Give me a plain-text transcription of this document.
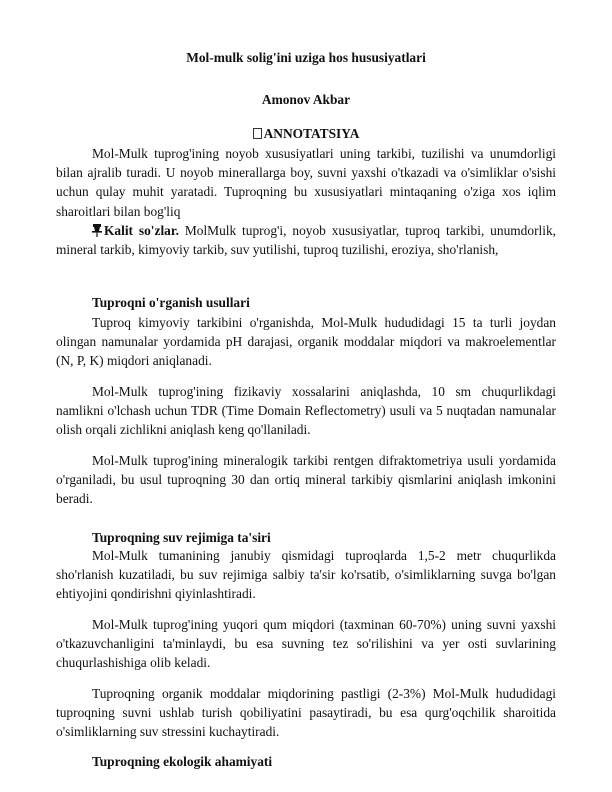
Mol-mulk solig'ini uziga hos hususiyatlari
Amonov Akbar
ANNOTATSIYA
Mol-Mulk tuprog'ining noyob xususiyatlari uning tarkibi, tuzilishi va unumdorligi bilan ajralib turadi. U noyob minerallarga boy, suvni yaxshi o'tkazadi va o'simliklar o'sishi uchun qulay muhit yaratadi. Tuproqning bu xususiyatlari mintaqaning o'ziga xos iqlim sharoitlari bilan bog'liq
Kalit so'zlar. MolMulk tuprog'i, noyob xususiyatlar, tuproq tarkibi, unumdorlik, mineral tarkib, kimyoviy tarkib, suv yutilishi, tuproq tuzilishi, eroziya, sho'rlanish,
Tuproqni o'rganish usullari
Tuproq kimyoviy tarkibini o'rganishda, Mol-Mulk hududidagi 15 ta turli joydan olingan namunalar yordamida pH darajasi, organik moddalar miqdori va makroelementlar (N, P, K) miqdori aniqlanadi.
Mol-Mulk tuprog'ining fizikaviy xossalarini aniqlashda, 10 sm chuqurlikdagi namlikni o'lchash uchun TDR (Time Domain Reflectometry) usuli va 5 nuqtadan namunalar olish orqali zichlikni aniqlash keng qo'llaniladi.
Mol-Mulk tuprog'ining mineralogik tarkibi rentgen difraktometriya usuli yordamida o'rganiladi, bu usul tuproqning 30 dan ortiq mineral tarkibiy qismlarini aniqlash imkonini beradi.
Tuproqning suv rejimiga ta'siri
Mol-Mulk tumanining janubiy qismidagi tuproqlarda 1,5-2 metr chuqurlikda sho'rlanish kuzatiladi, bu suv rejimiga salbiy ta'sir ko'rsatib, o'simliklarning suvga bo'lgan ehtiyojini qondirishni qiyinlashtiradi.
Mol-Mulk tuprog'ining yuqori qum miqdori (taxminan 60-70%) uning suvni yaxshi o'tkazuvchanligini ta'minlaydi, bu esa suvning tez so'rilishini va yer osti suvlarining chuqurlashishiga olib keladi.
Tuproqning organik moddalar miqdorining pastligi (2-3%) Mol-Mulk hududidagi tuproqning suvni ushlab turish qobiliyatini pasaytiradi, bu esa qurg'oqchilik sharoitida o'simliklarning suv stressini kuchaytiradi.
Tuproqning ekologik ahamiyati
